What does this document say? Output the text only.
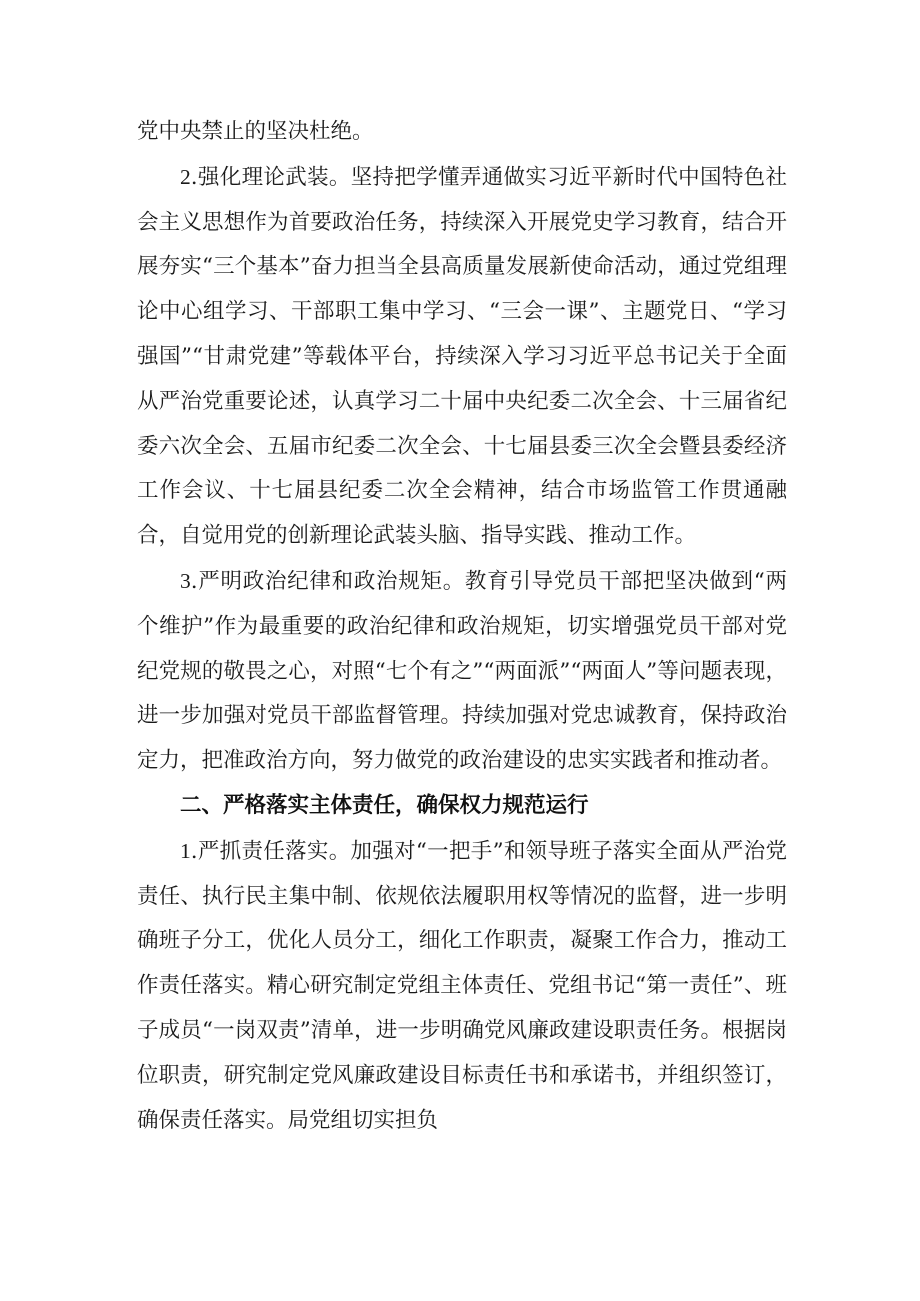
党中央禁止的坚决杜绝。

2.强化理论武装。坚持把学懂弄通做实习近平新时代中国特色社会主义思想作为首要政治任务，持续深入开展党史学习教育，结合开展夯实“三个基本”奋力担当全县高质量发展新使命活动，通过党组理论中心组学习、干部职工集中学习、“三会一课”、主题党日、“学习强国”“甘肃党建”等载体平台，持续深入学习习近平总书记关于全面从严治党重要论述，认真学习二十届中央纪委二次全会、十三届省纪委六次全会、五届市纪委二次全会、十七届县委三次全会暨县委经济工作会议、十七届县纪委二次全会精神，结合市场监管工作贯通融合，自觉用党的创新理论武装头脑、指导实践、推动工作。

3.严明政治纪律和政治规矩。教育引导党员干部把坚决做到“两个维护”作为最重要的政治纪律和政治规矩，切实增强党员干部对党纪党规的敬畏之心，对照“七个有之”“两面派”“两面人”等问题表现，进一步加强对党员干部监督管理。持续加强对党忠诚教育，保持政治定力，把准政治方向，努力做党的政治建设的忠实实践者和推动者。

二、严格落实主体责任，确保权力规范运行

1.严抓责任落实。加强对“一把手”和领导班子落实全面从严治党责任、执行民主集中制、依规依法履职用权等情况的监督，进一步明确班子分工，优化人员分工，细化工作职责，凝聚工作合力，推动工作责任落实。精心研究制定党组主体责任、党组书记“第一责任”、班子成员“一岗双责”清单，进一步明确党风廉政建设职责任务。根据岗位职责，研究制定党风廉政建设目标责任书和承诺书，并组织签订，确保责任落实。局党组切实担负
